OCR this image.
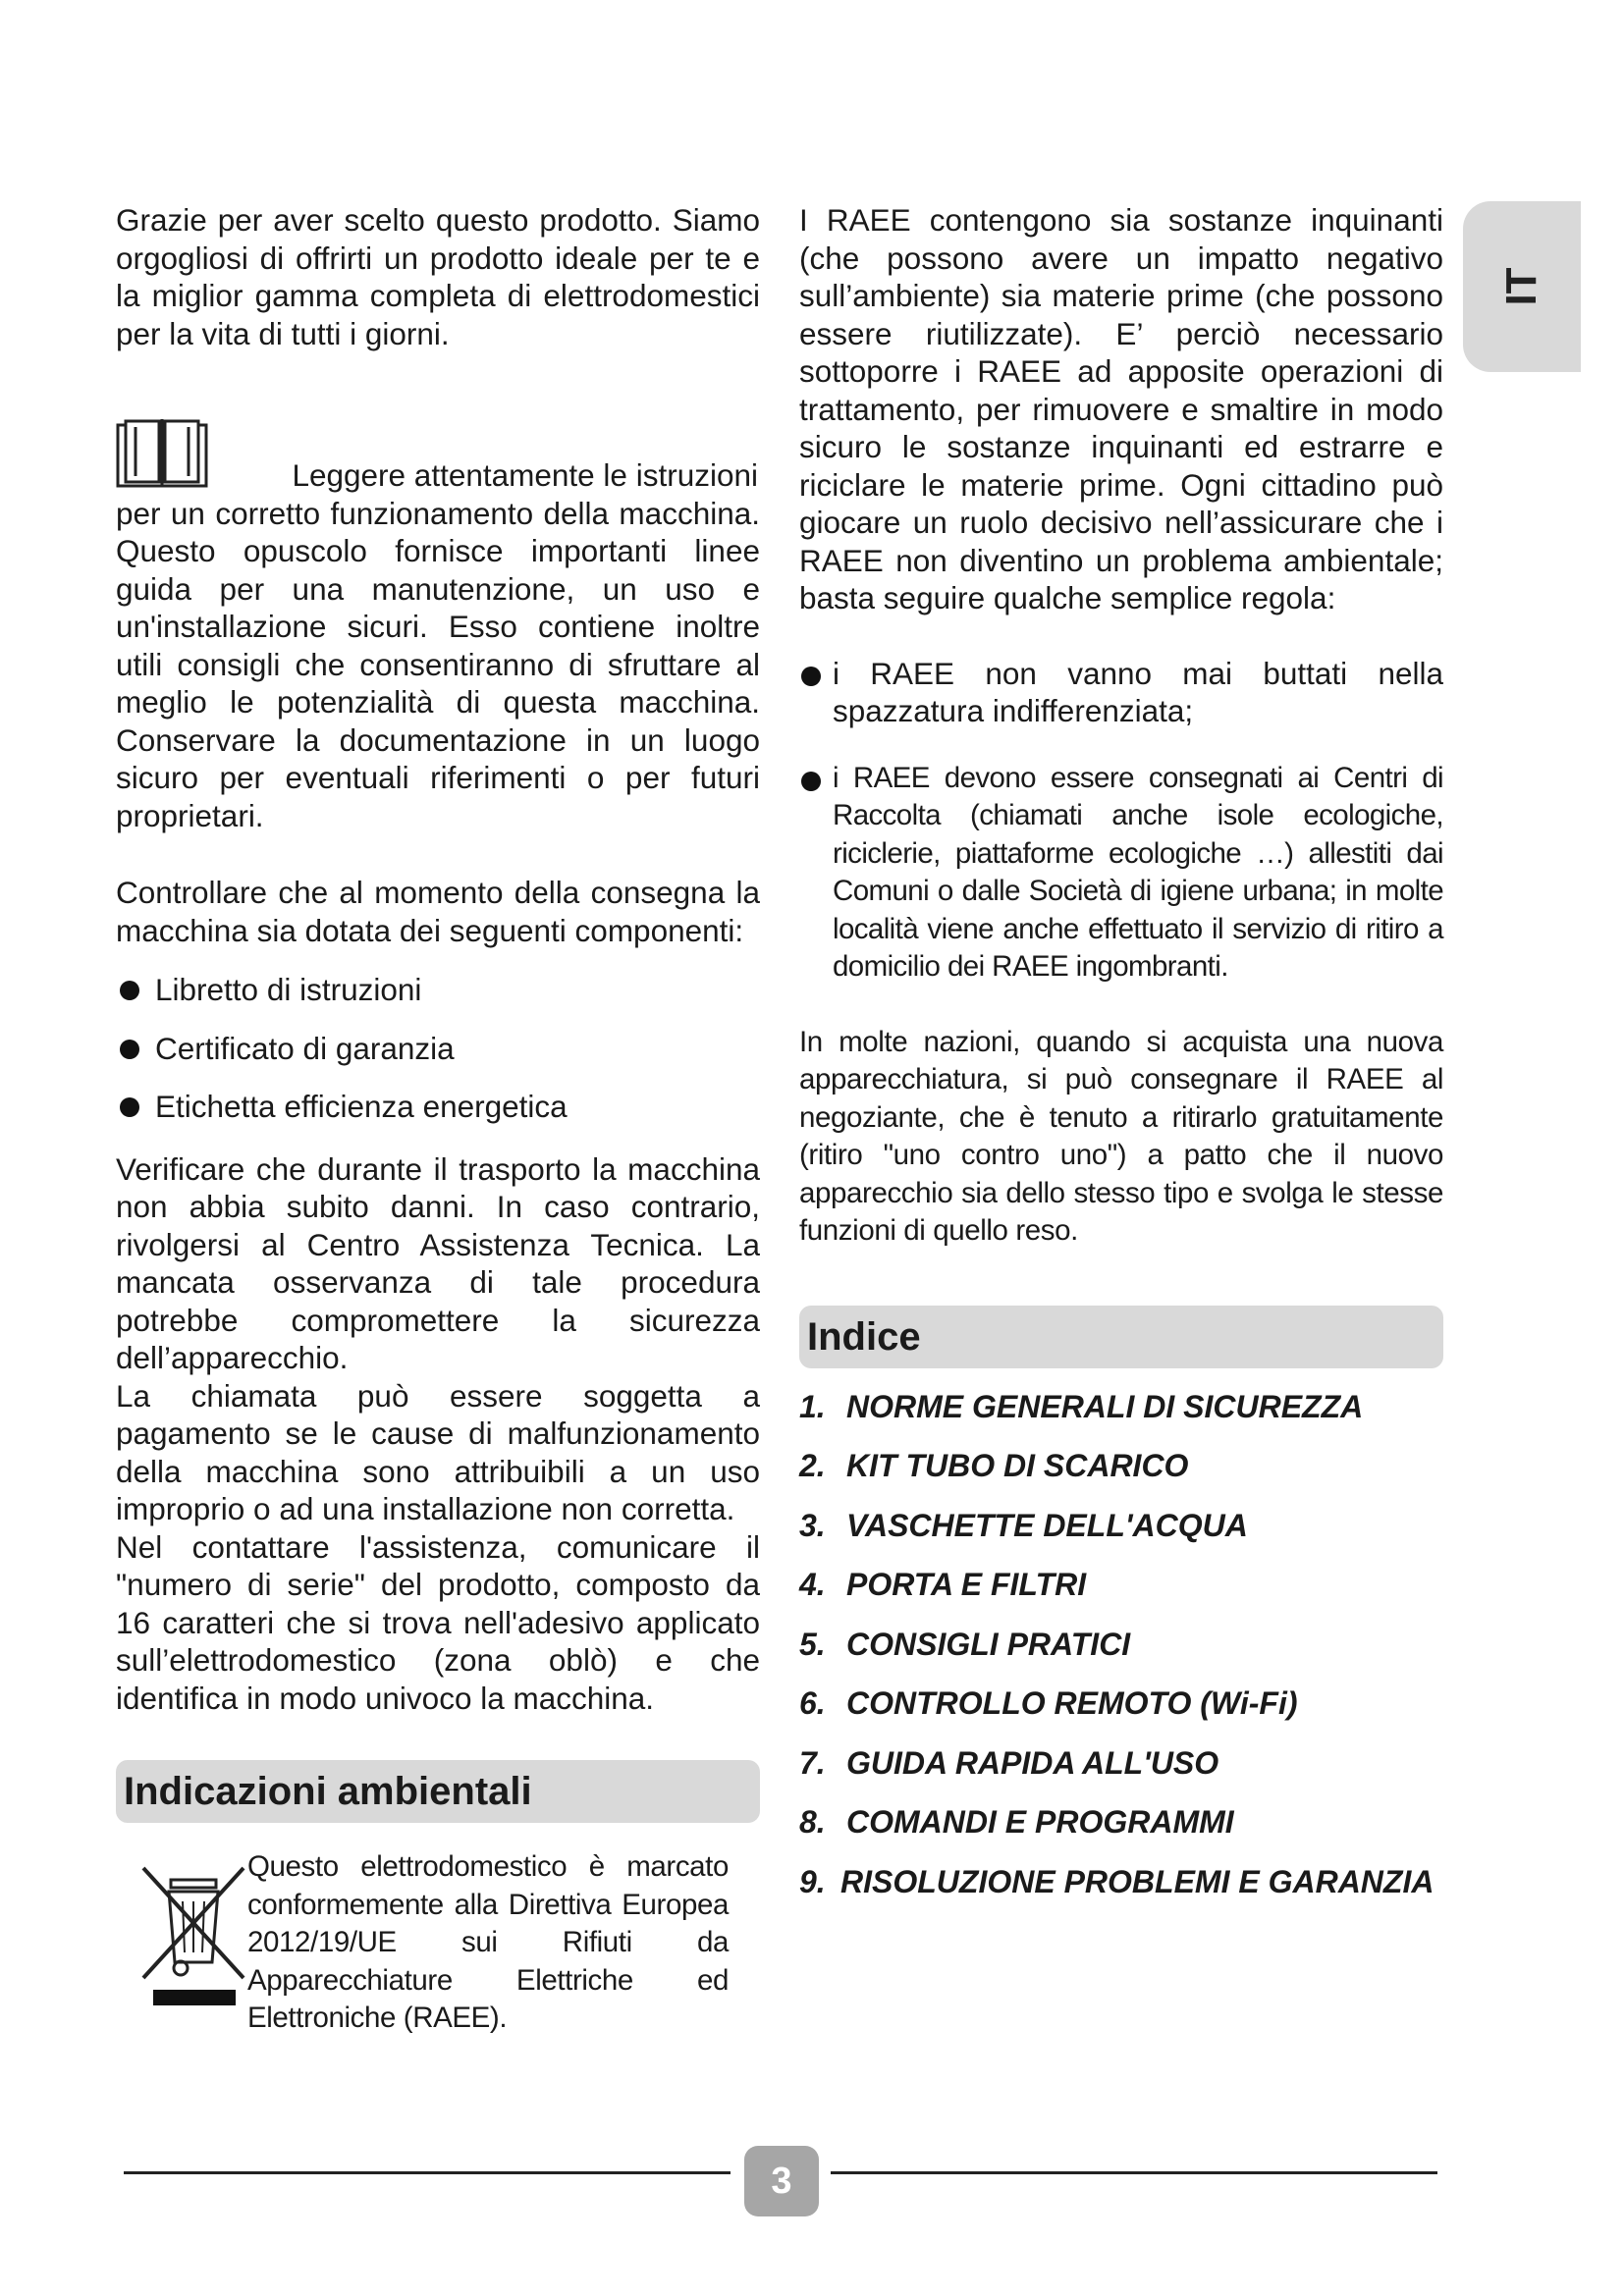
Grazie per aver scelto questo prodotto. Siamo orgogliosi di offrirti un prodotto ideale per te e la miglior gamma completa di elettrodomestici per la vita di tutti i giorni.

Leggere attentamente le istruzioni

per un corretto funzionamento della macchina. Questo opuscolo fornisce importanti linee guida per una manutenzione, un uso e un'installazione sicuri. Esso contiene inoltre utili consigli che consentiranno di sfruttare al meglio le potenzialità di questa macchina. Conservare la documentazione in un luogo sicuro per eventuali riferimenti o per futuri proprietari.

Controllare che al momento della consegna la macchina sia dotata dei seguenti componenti:

Libretto di istruzioni
Certificato di garanzia
Etichetta efficienza energetica

Verificare che durante il trasporto la macchina non abbia subito danni. In caso contrario, rivolgersi al Centro Assistenza Tecnica. La mancata osservanza di tale procedura potrebbe compromettere la sicurezza dell’apparecchio.

La chiamata può essere soggetta a pagamento se le cause di malfunzionamento della macchina sono attribuibili a un uso improprio o ad una installazione non corretta.

Nel contattare l'assistenza, comunicare il "numero di serie" del prodotto, composto da 16 caratteri che si trova nell'adesivo applicato sull’elettrodomestico (zona oblò) e che identifica in modo univoco la macchina.

Indicazioni ambientali

Questo elettrodomestico è marcato conformemente alla Direttiva Europea 2012/19/UE sui Rifiuti da Apparecchiature Elettriche ed Elettroniche (RAEE).

I RAEE contengono sia sostanze inquinanti (che possono avere un impatto negativo sull’ambiente) sia materie prime (che possono essere riutilizzate). E’ perciò necessario sottoporre i RAEE ad apposite operazioni di trattamento, per rimuovere e smaltire in modo sicuro le sostanze inquinanti ed estrarre e riciclare le materie prime. Ogni cittadino può giocare un ruolo decisivo nell’assicurare che i RAEE non diventino un problema ambientale; basta seguire qualche semplice regola:

i RAEE non vanno mai buttati nella spazzatura indifferenziata;
i RAEE devono essere consegnati ai Centri di Raccolta (chiamati anche isole ecologiche, riciclerie, piattaforme ecologiche …) allestiti dai Comuni o dalle Società di igiene urbana; in molte località viene anche effettuato il servizio di ritiro a domicilio dei RAEE ingombranti.

In molte nazioni, quando si acquista una nuova apparecchiatura, si può consegnare il RAEE al negoziante, che è tenuto a ritirarlo gratuitamente (ritiro "uno contro uno") a patto che il nuovo apparecchio sia dello stesso tipo e svolga le stesse funzioni di quello reso.

Indice
1. NORME GENERALI DI SICUREZZA
2. KIT TUBO DI SCARICO
3. VASCHETTE DELL'ACQUA
4. PORTA E FILTRI
5. CONSIGLI PRATICI
6. CONTROLLO REMOTO (Wi-Fi)
7. GUIDA RAPIDA ALL'USO
8. COMANDI E PROGRAMMI
9. RISOLUZIONE PROBLEMI E GARANZIA
IT
3
